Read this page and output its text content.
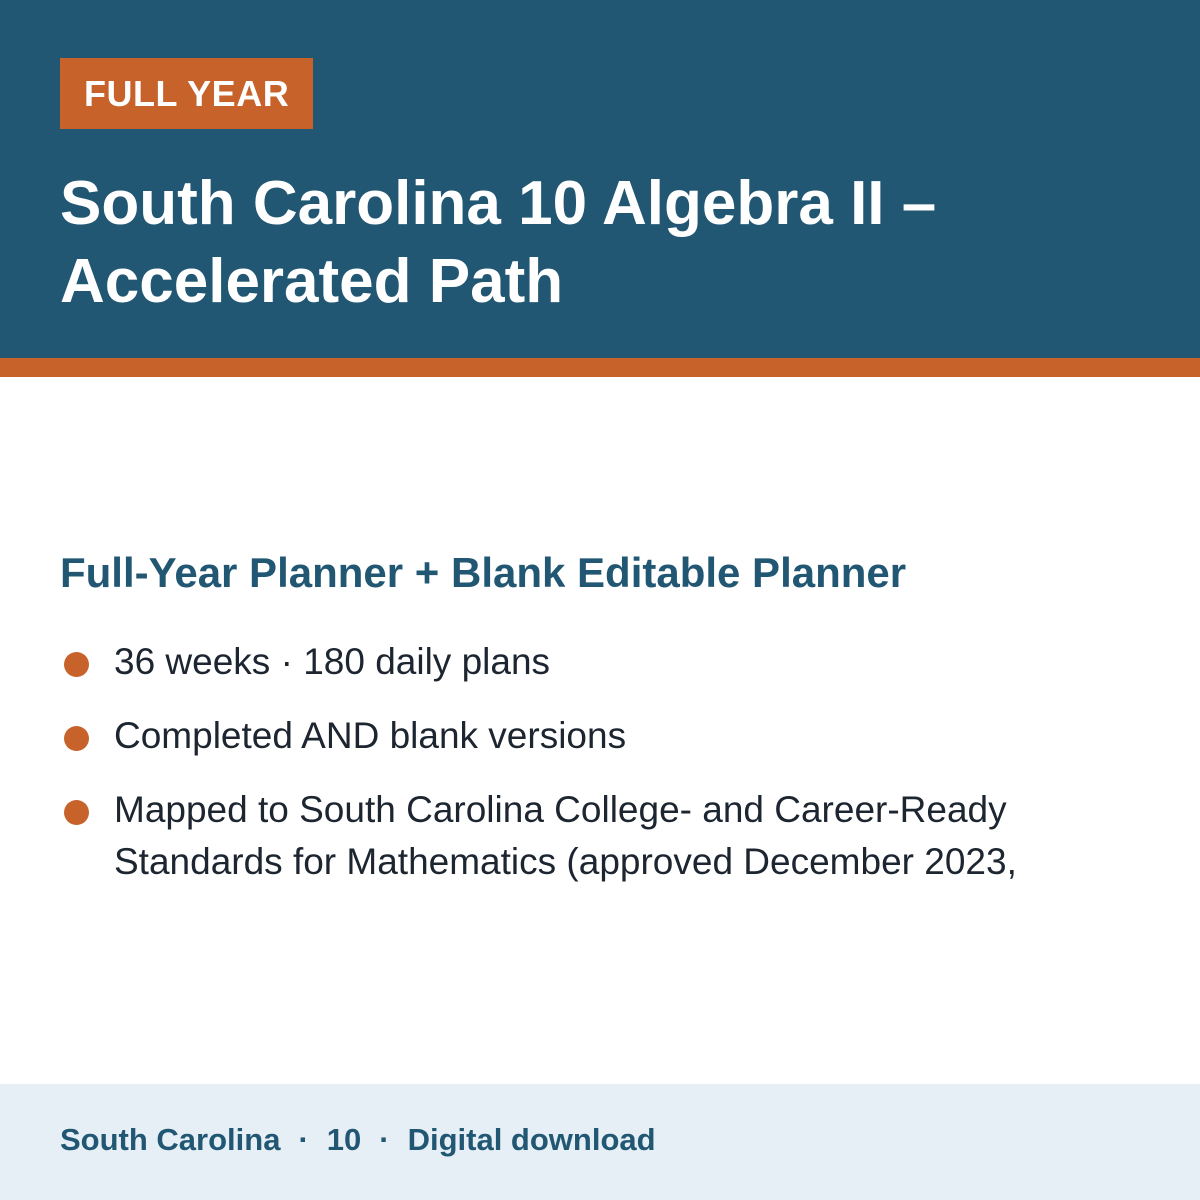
FULL YEAR
South Carolina 10 Algebra II – Accelerated Path
Full-Year Planner + Blank Editable Planner
36 weeks · 180 daily plans
Completed AND blank versions
Mapped to South Carolina College- and Career-Ready Standards for Mathematics (approved December 2023,
South Carolina · 10 · Digital download
